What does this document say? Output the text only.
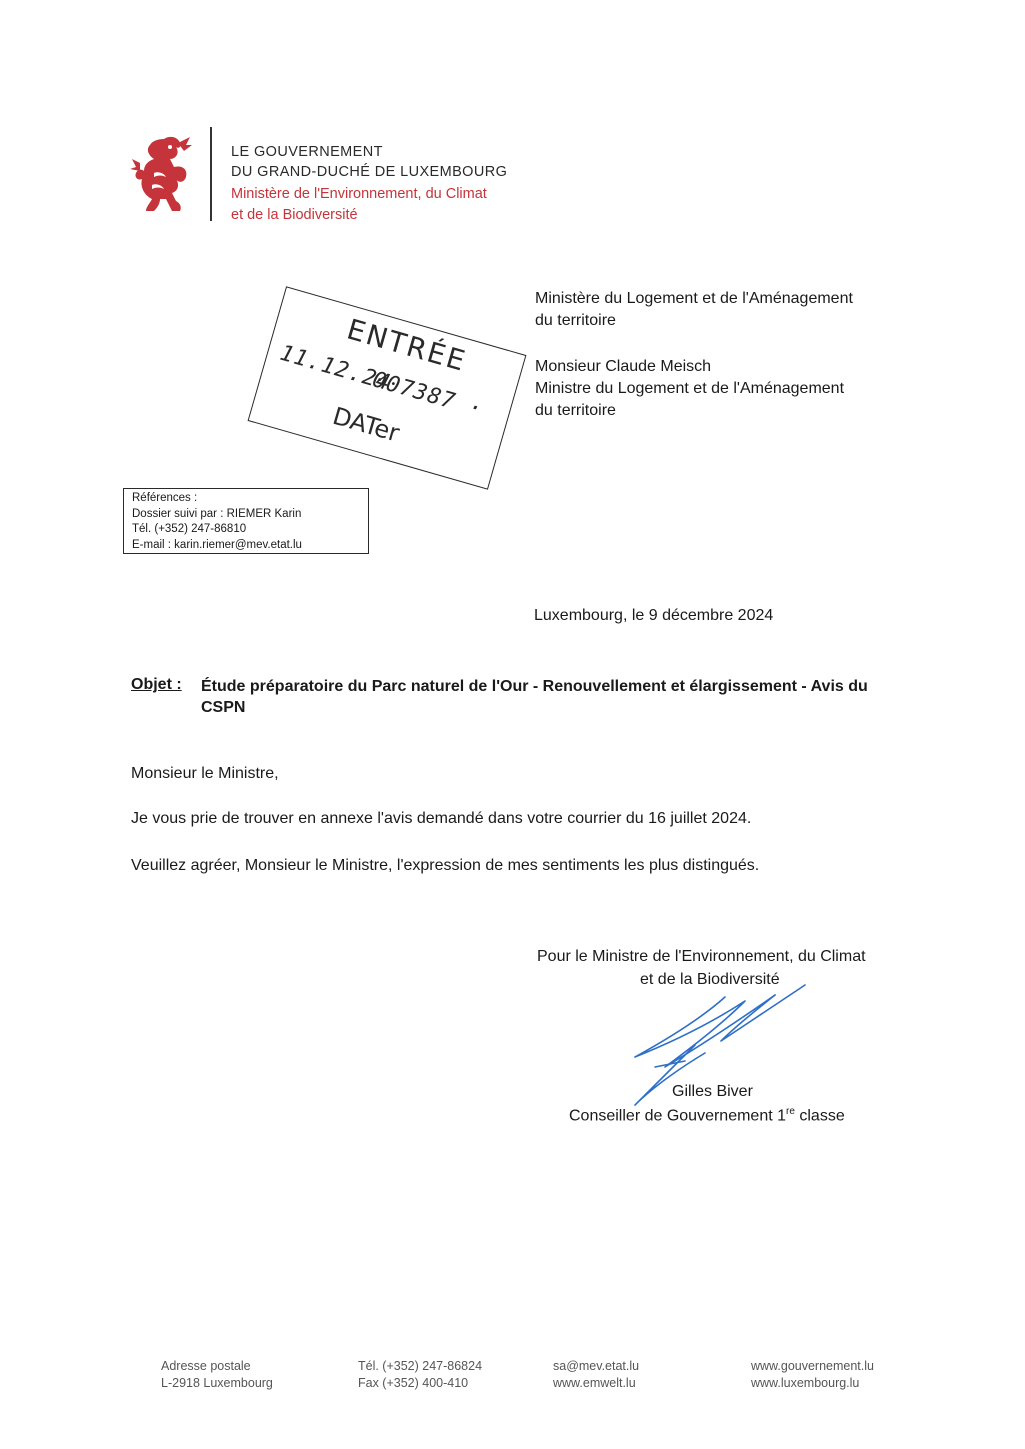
LE GOUVERNEMENT
DU GRAND-DUCHÉ DE LUXEMBOURG
Ministère de l'Environnement, du Climat
et de la Biodiversité
Ministère du Logement et de l'Aménagement
du territoire
Monsieur Claude Meisch
Ministre du Logement et de l'Aménagement
du territoire
ENTRÉE
11.12.24
007387 ·
DATer
Références :
Dossier suivi par : RIEMER Karin
Tél. (+352) 247-86810
E-mail : karin.riemer@mev.etat.lu
Luxembourg, le 9 décembre 2024
Objet : Étude préparatoire du Parc naturel de l'Our - Renouvellement et élargissement - Avis du CSPN
Monsieur le Ministre,
Je vous prie de trouver en annexe l'avis demandé dans votre courrier du 16 juillet 2024.
Veuillez agréer, Monsieur le Ministre, l'expression de mes sentiments les plus distingués.
Pour le Ministre de l'Environnement, du Climat
et de la Biodiversité
Gilles Biver
Conseiller de Gouvernement 1re classe
Adresse postale
L-2918 Luxembourg
Tél. (+352) 247-86824
Fax (+352) 400-410
sa@mev.etat.lu
www.emwelt.lu
www.gouvernement.lu
www.luxembourg.lu
